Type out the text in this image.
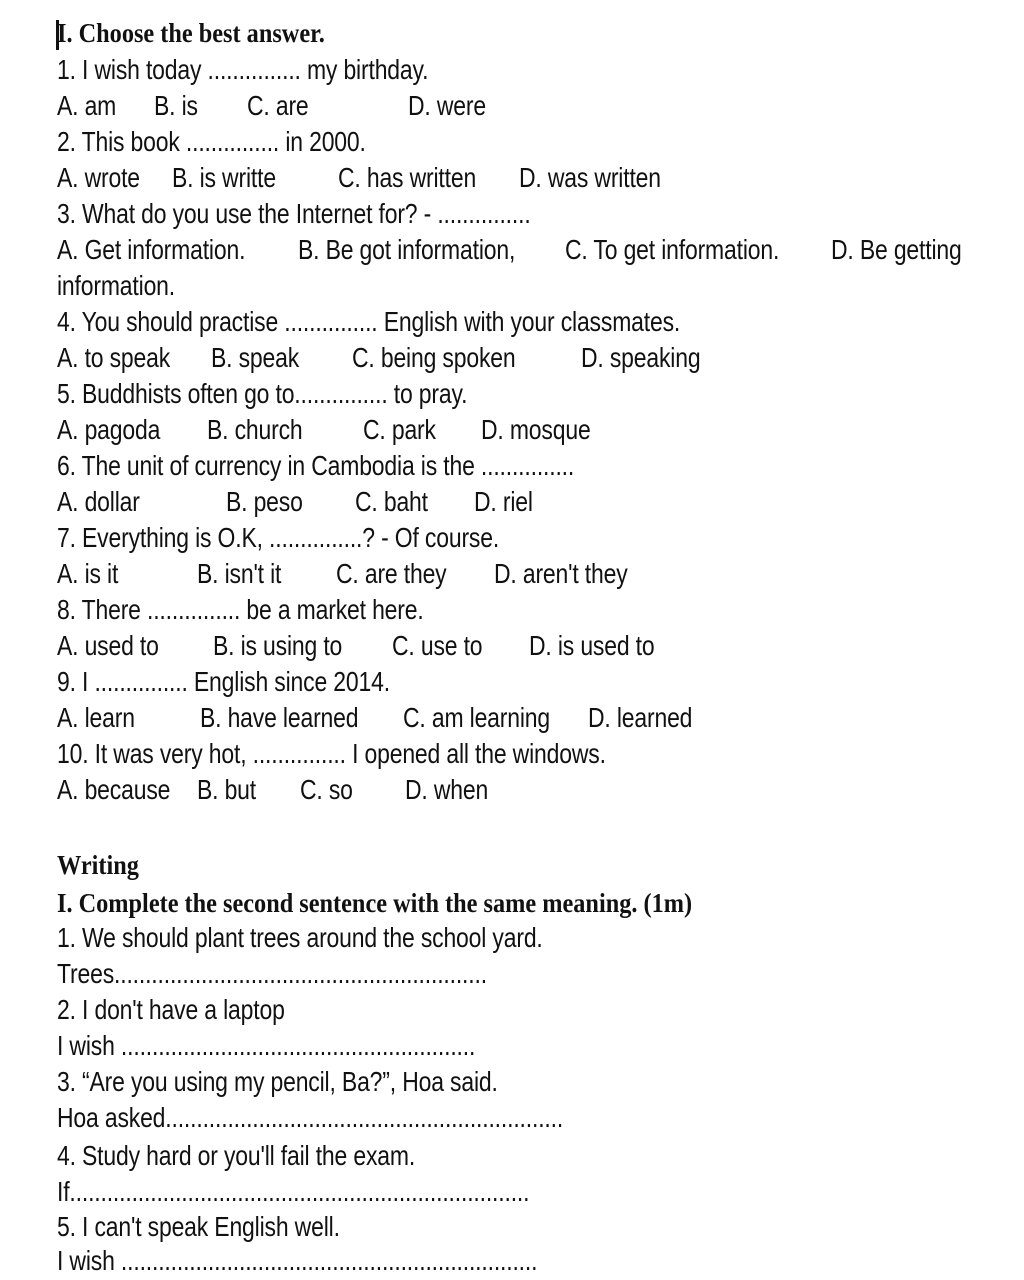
I. Choose the best answer.
1. I wish today ............... my birthday.
A. am B. is C. are	D. were
2. This book ............... in 2000.
A. wrote B. is writte C. has written D. was written
3. What do you use the Internet for? - ...............
A. Get information. B. Be got information, C. To get information. D. Be getting
information.
4. You should practise ............... English with your classmates.
A. to speak B. speak C. being spoken D. speaking
5. Buddhists often go to............... to pray.
A. pagoda B. church C. park D. mosque
6. The unit of currency in Cambodia is the ...............
A. dollar	B. peso C. baht D. riel
7. Everything is O.K, ...............? - Of course.
A. is it	B. isn't it C. are they D. aren't they
8. There ............... be a market here.
A. used to B. is using to C. use to D. is used to
9. I ............... English since 2014.
A. learn B. have learned C. am learning D. learned
10. It was very hot, ............... I opened all the windows.
A. because B. but C. so D. when
Writing
I. Complete the second sentence with the same meaning. (1m)
1. We should plant trees around the school yard.
Trees............................................................
2. I don't have a laptop
I wish .........................................................
3. “Are you using my pencil, Ba?”, Hoa said.
Hoa asked................................................................
4. Study hard or you'll fail the exam.
If..........................................................................
5. I can't speak English well.
I wish ...................................................................
